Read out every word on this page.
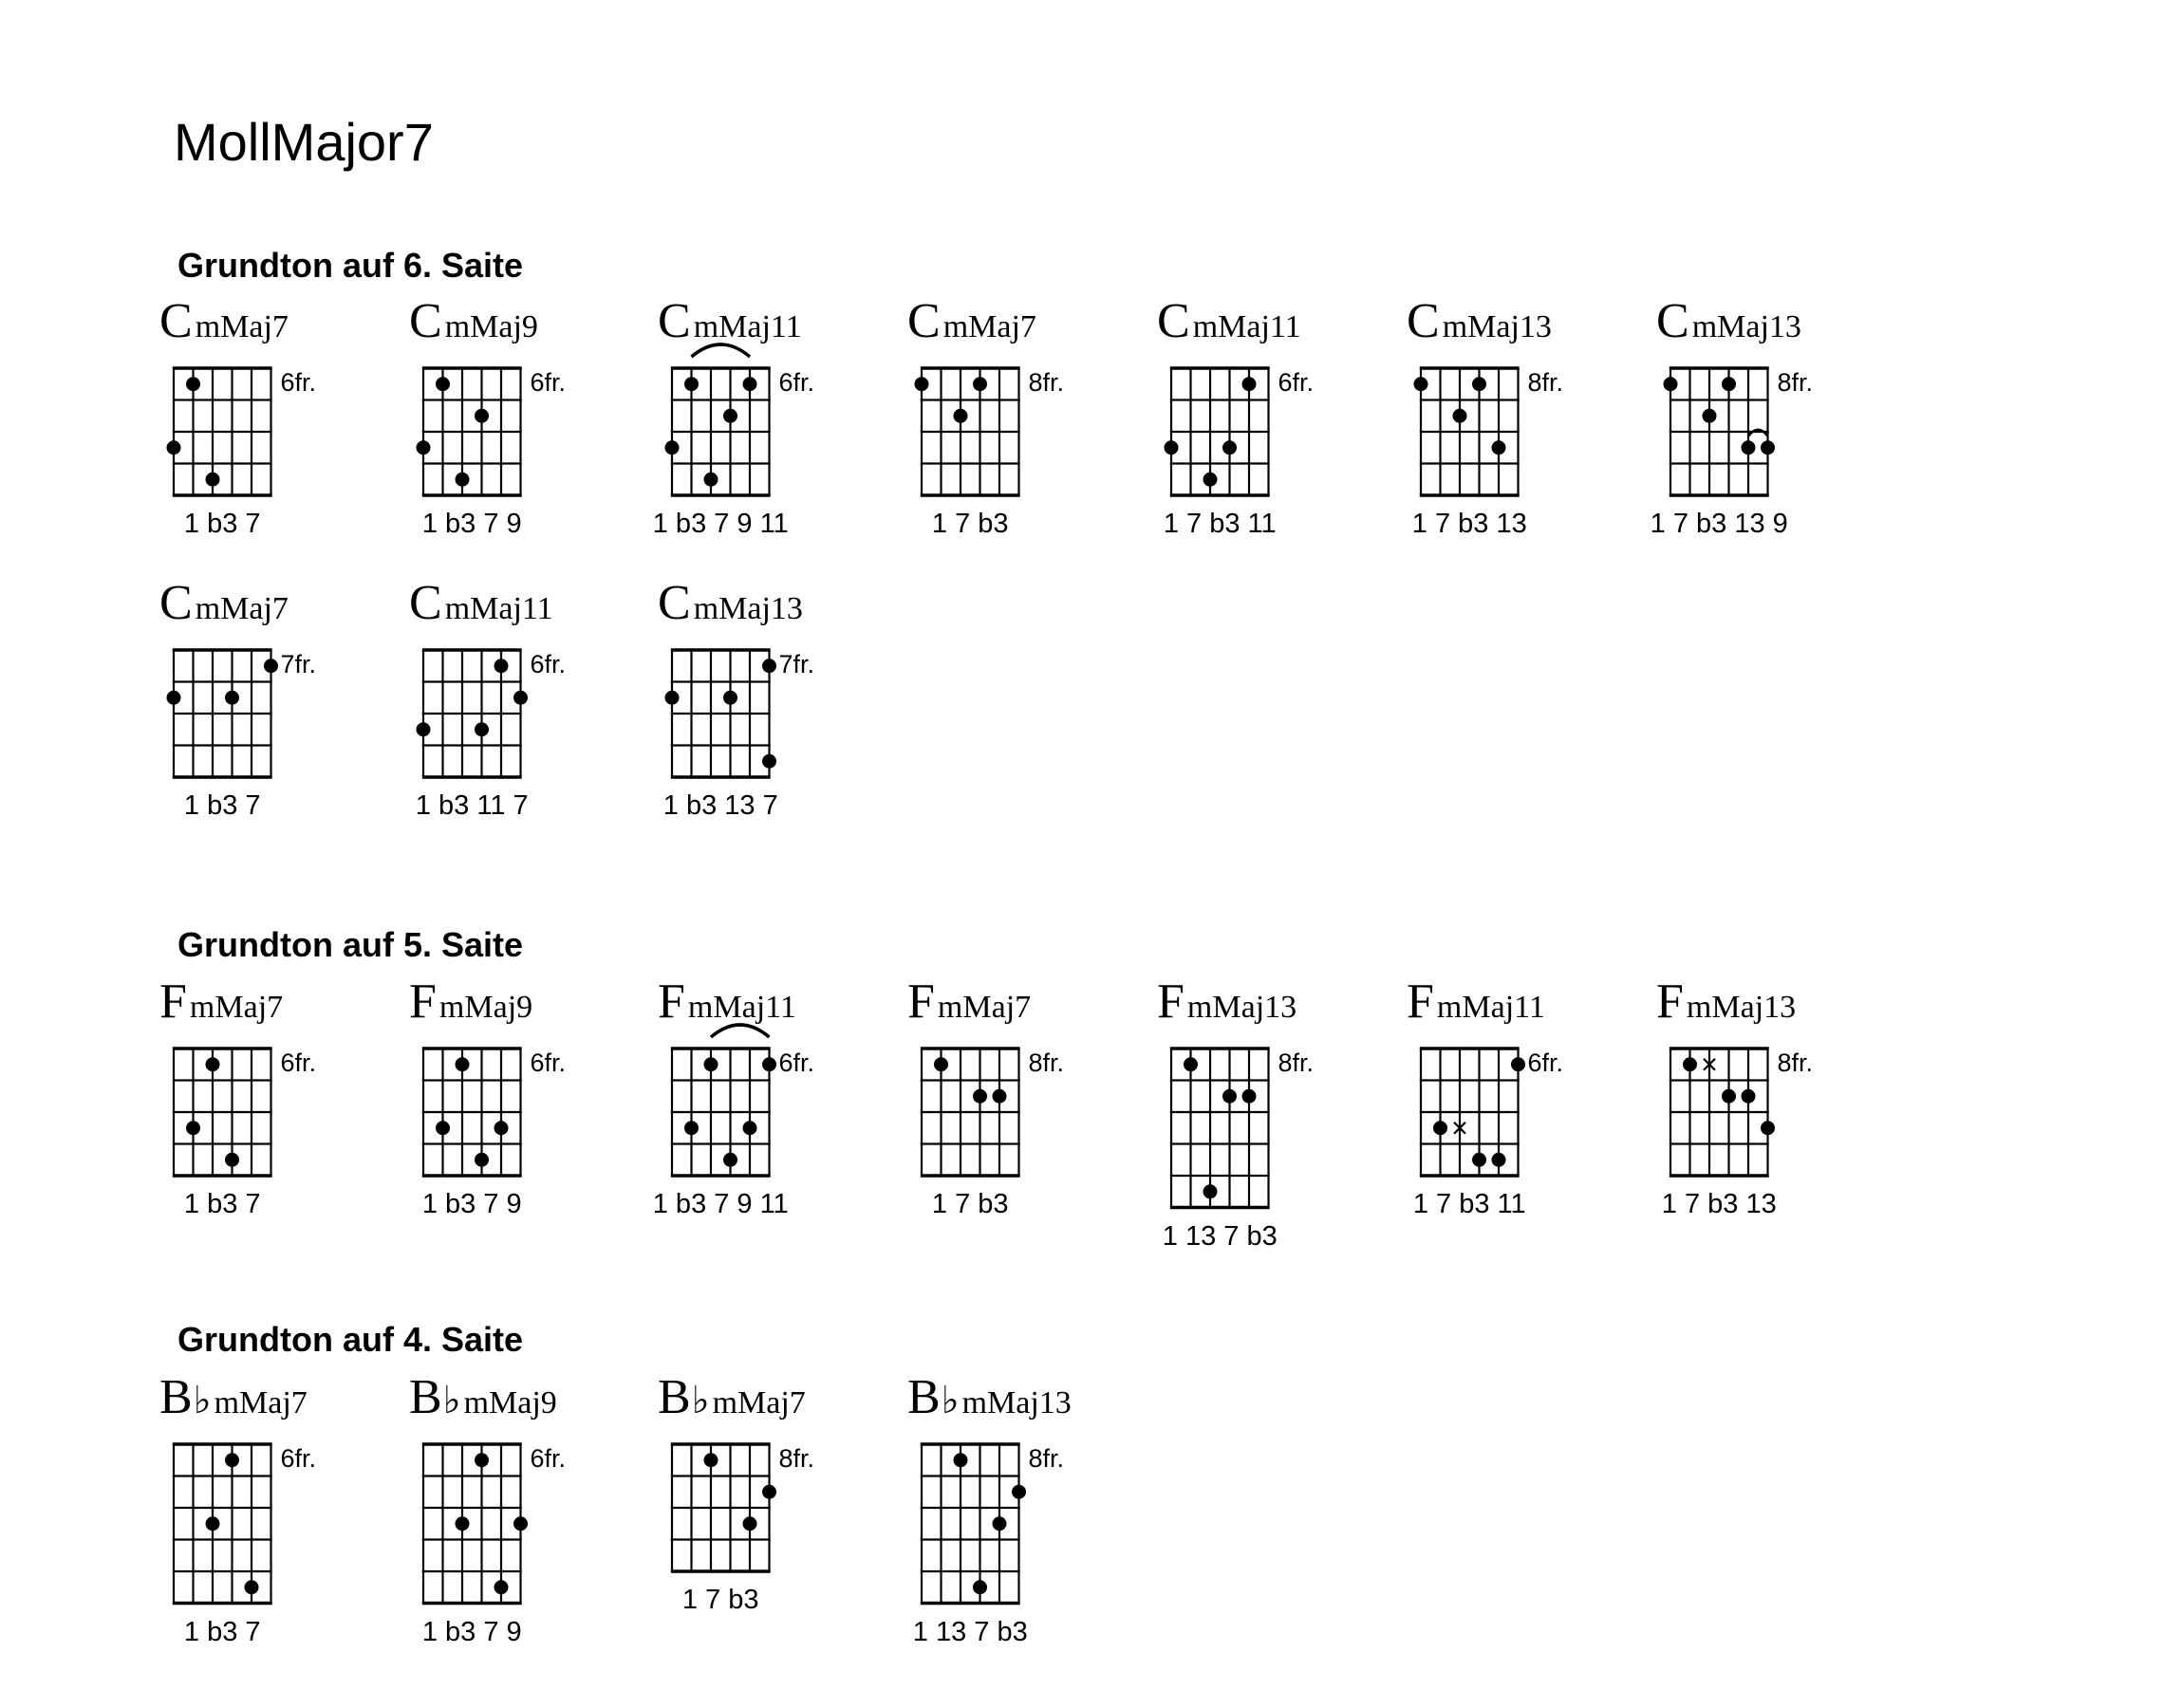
MollMajor7
Grundton auf 6. Saite
Grundton auf 5. Saite
Grundton auf 4. Saite
CmMaj7
6fr.
1 b3 7
CmMaj9
6fr.
1 b3 7 9
CmMaj11
6fr.
1 b3 7 9 11
CmMaj7
8fr.
1 7 b3
CmMaj11
6fr.
1 7 b3 11
CmMaj13
8fr.
1 7 b3 13
CmMaj13
8fr.
1 7 b3 13 9
CmMaj7
7fr.
1 b3 7
CmMaj11
6fr.
1 b3 11 7
CmMaj13
7fr.
1 b3 13 7
FmMaj7
6fr.
1 b3 7
FmMaj9
6fr.
1 b3 7 9
FmMaj11
6fr.
1 b3 7 9 11
FmMaj7
8fr.
1 7 b3
FmMaj13
8fr.
1 13 7 b3
FmMaj11
6fr.
1 7 b3 11
FmMaj13
8fr.
1 7 b3 13
B♭mMaj7
6fr.
1 b3 7
B♭mMaj9
6fr.
1 b3 7 9
B♭mMaj7
8fr.
1 7 b3
B♭mMaj13
8fr.
1 13 7 b3
